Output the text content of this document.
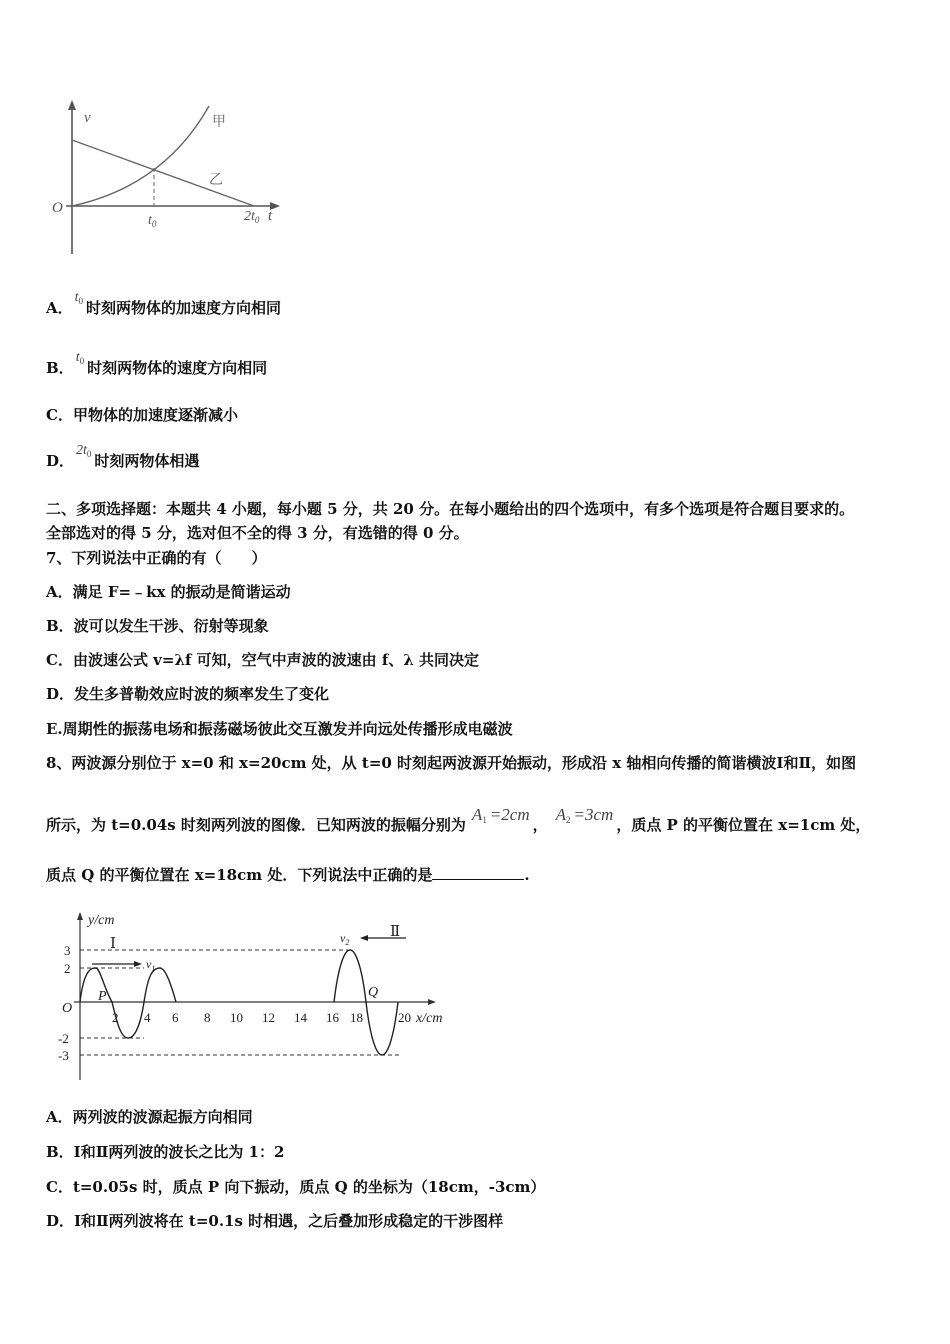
v
O
甲
乙
$t_0$	$2t_0$ t
A．$t_0$ 时刻两物体的加速度方向相同
B．$t_0$ 时刻两物体的速度方向相同
C．甲物体的加速度逐渐减小
D．$2t_0$ 时刻两物体相遇
二、多项选择题：本题共 4 小题，每小题 5 分，共 20 分。在每小题给出的四个选项中，有多个选项是符合题目要求的。
全部选对的得 5 分，选对但不全的得 3 分，有选错的得 0 分。
7、下列说法中正确的有（　　）
A．满足 F=﹣kx 的振动是简谐运动
B．波可以发生干涉、衍射等现象
C．由波速公式 v=λf 可知，空气中声波的波速由 f、λ 共同决定
D．发生多普勒效应时波的频率发生了变化
E.周期性的振荡电场和振荡磁场彼此交互激发并向远处传播形成电磁波
8、两波源分别位于 x=0 和 x=20cm 处，从 t=0 时刻起两波源开始振动，形成沿 x 轴相向传播的简谐横波Ⅰ和Ⅱ，如图
所示，为 t=0.04s 时刻两列波的图像．已知两波的振幅分别为A1 =2cm，A2 =3cm，质点 P 的平衡位置在 x=1cm 处，
质点 Q 的平衡位置在 x=18cm 处．下列说法中正确的是	.
y/cm
x/cm
O
Ⅰ
Ⅱ
$v_1$
$v_2$
P	Q
3
2
-2
-3
2 4 6 8 10 12 14 16 18	20
A．两列波的波源起振方向相同
B．Ⅰ和Ⅱ两列波的波长之比为 1：2
C．t=0.05s 时，质点 P 向下振动，质点 Q 的坐标为（18cm，-3cm）
D．Ⅰ和Ⅱ两列波将在 t=0.1s 时相遇，之后叠加形成稳定的干涉图样
